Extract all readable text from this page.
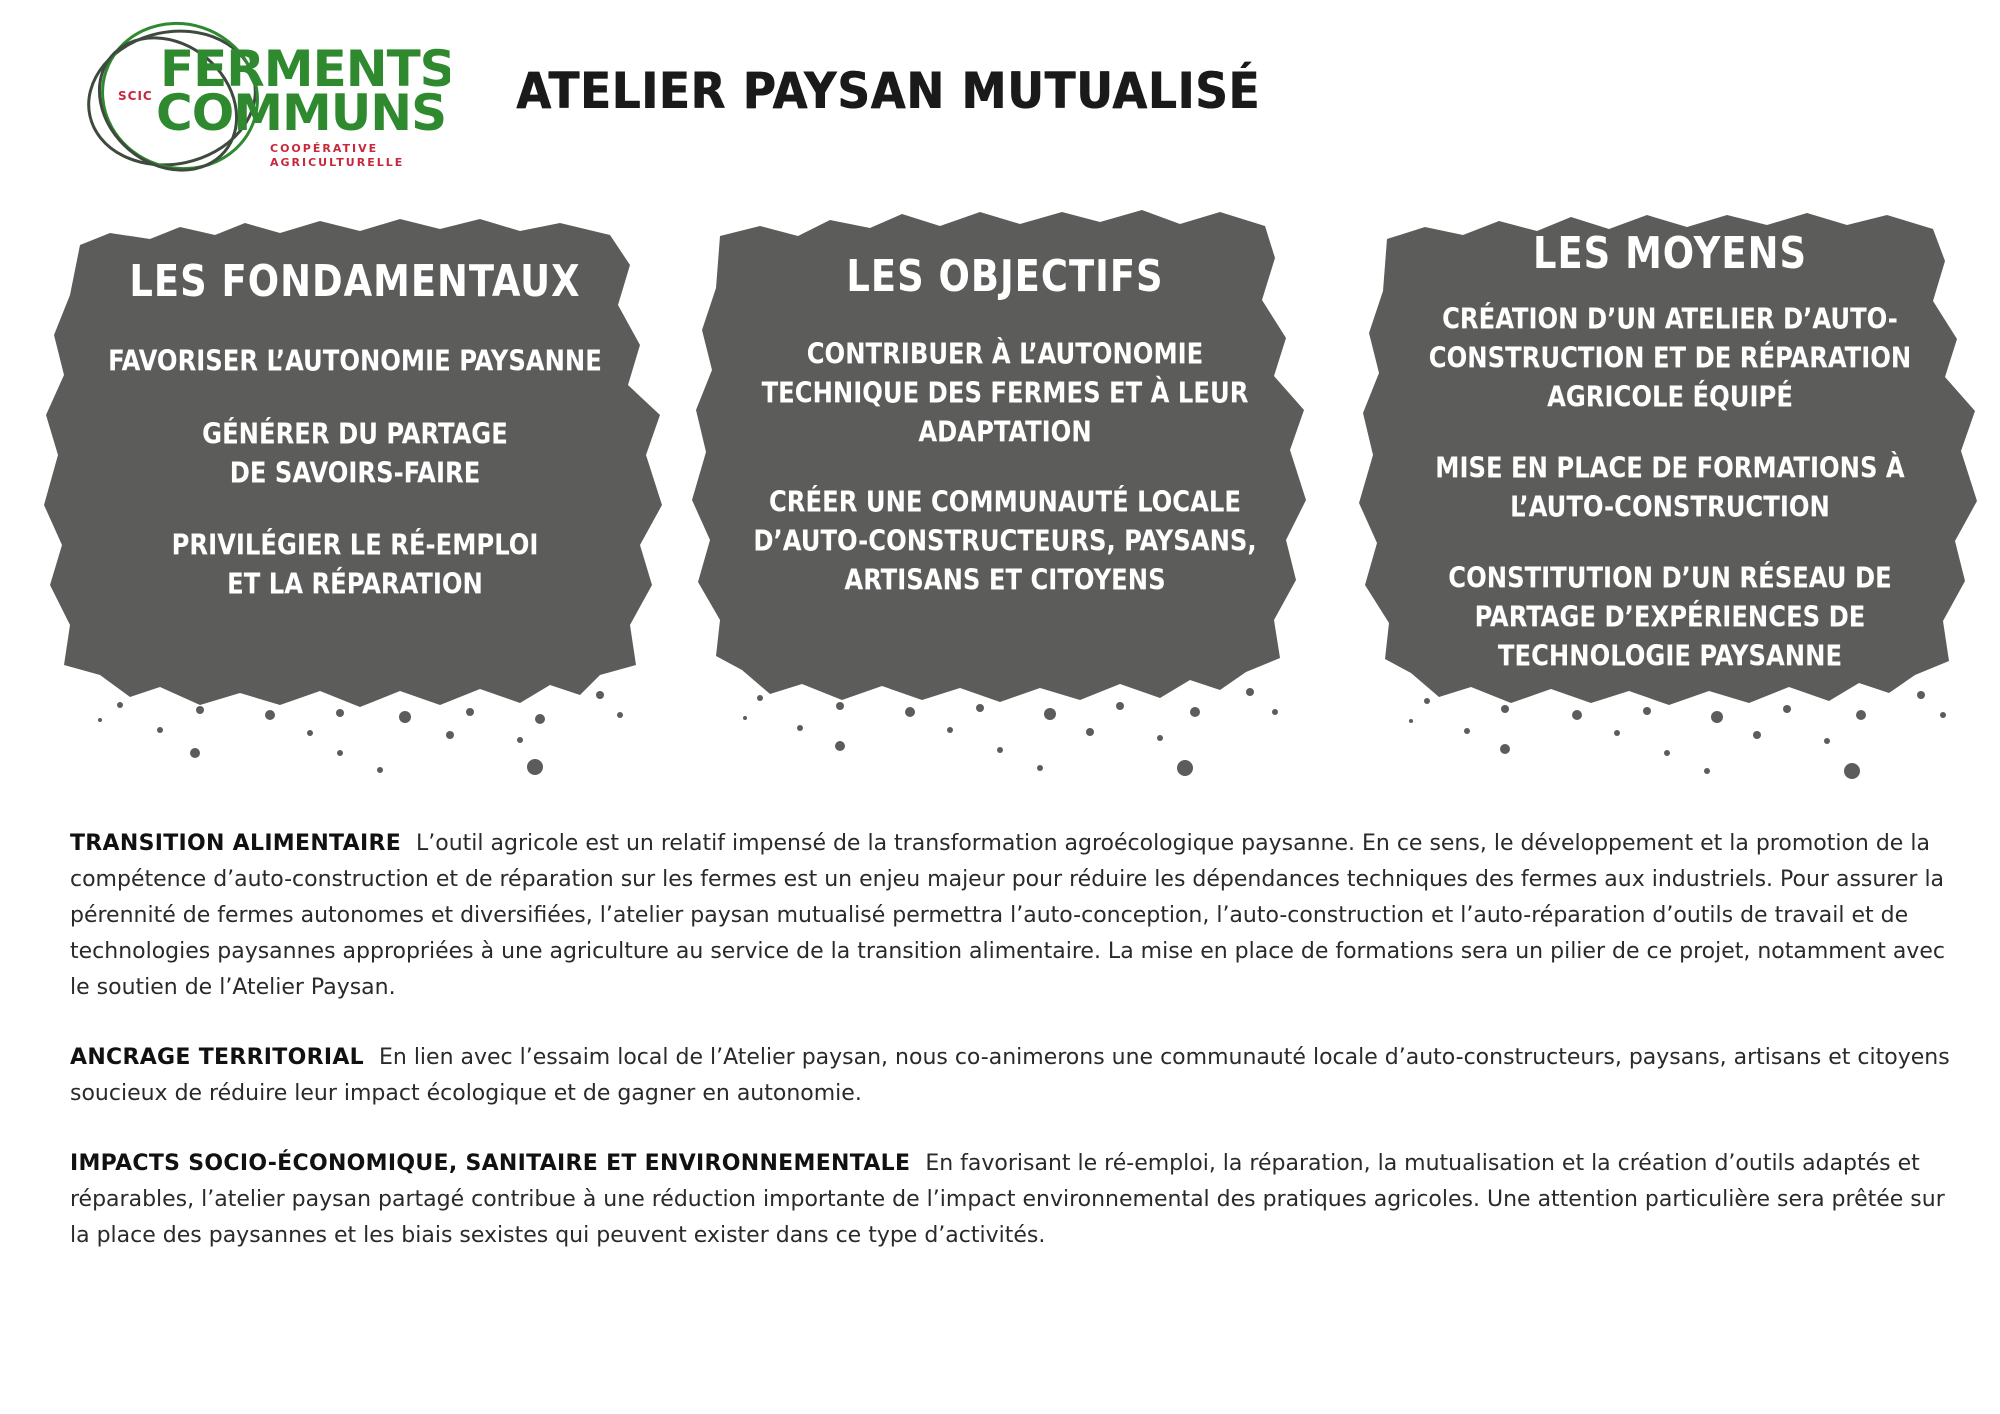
SCIC FERMENTS
COMMUNS
COOPÉRATIVE
AGRICULTURELLE
ATELIER PAYSAN MUTUALISÉ
LES FONDAMENTAUX
FAVORISER L’AUTONOMIE PAYSANNE
GÉNÉRER DU PARTAGE
DE SAVOIRS-FAIRE
PRIVILÉGIER LE RÉ-EMPLOI
ET LA RÉPARATION
LES OBJECTIFS
CONTRIBUER À L’AUTONOMIE
TECHNIQUE DES FERMES ET À LEUR
ADAPTATION
CRÉER UNE COMMUNAUTÉ LOCALE
D’AUTO-CONSTRUCTEURS, PAYSANS,
ARTISANS ET CITOYENS
LES MOYENS
CRÉATION D’UN ATELIER D’AUTO-
CONSTRUCTION ET DE RÉPARATION
AGRICOLE ÉQUIPÉ
MISE EN PLACE DE FORMATIONS À
L’AUTO-CONSTRUCTION
CONSTITUTION D’UN RÉSEAU DE
PARTAGE D’EXPÉRIENCES DE
TECHNOLOGIE PAYSANNE

TRANSITION ALIMENTAIRE L’outil agricole est un relatif impensé de la transformation agroécologique paysanne. En ce sens, le développement et la promotion de la compétence d’auto-construction et de réparation sur les fermes est un enjeu majeur pour réduire les dépendances techniques des fermes aux industriels. Pour assurer la pérennité de fermes autonomes et diversifiées, l’atelier paysan mutualisé permettra l’auto-conception, l’auto-construction et l’auto-réparation d’outils de travail et de technologies paysannes appropriées à une agriculture au service de la transition alimentaire. La mise en place de formations sera un pilier de ce projet, notamment avec le soutien de l’Atelier Paysan.

ANCRAGE TERRITORIAL En lien avec l’essaim local de l’Atelier paysan, nous co-animerons une communauté locale d’auto-constructeurs, paysans, artisans et citoyens soucieux de réduire leur impact écologique et de gagner en autonomie.

IMPACTS SOCIO-ÉCONOMIQUE, SANITAIRE ET ENVIRONNEMENTALE En favorisant le ré-emploi, la réparation, la mutualisation et la création d’outils adaptés et réparables, l’atelier paysan partagé contribue à une réduction importante de l’impact environnemental des pratiques agricoles. Une attention particulière sera prêtée sur la place des paysannes et les biais sexistes qui peuvent exister dans ce type d’activités.
